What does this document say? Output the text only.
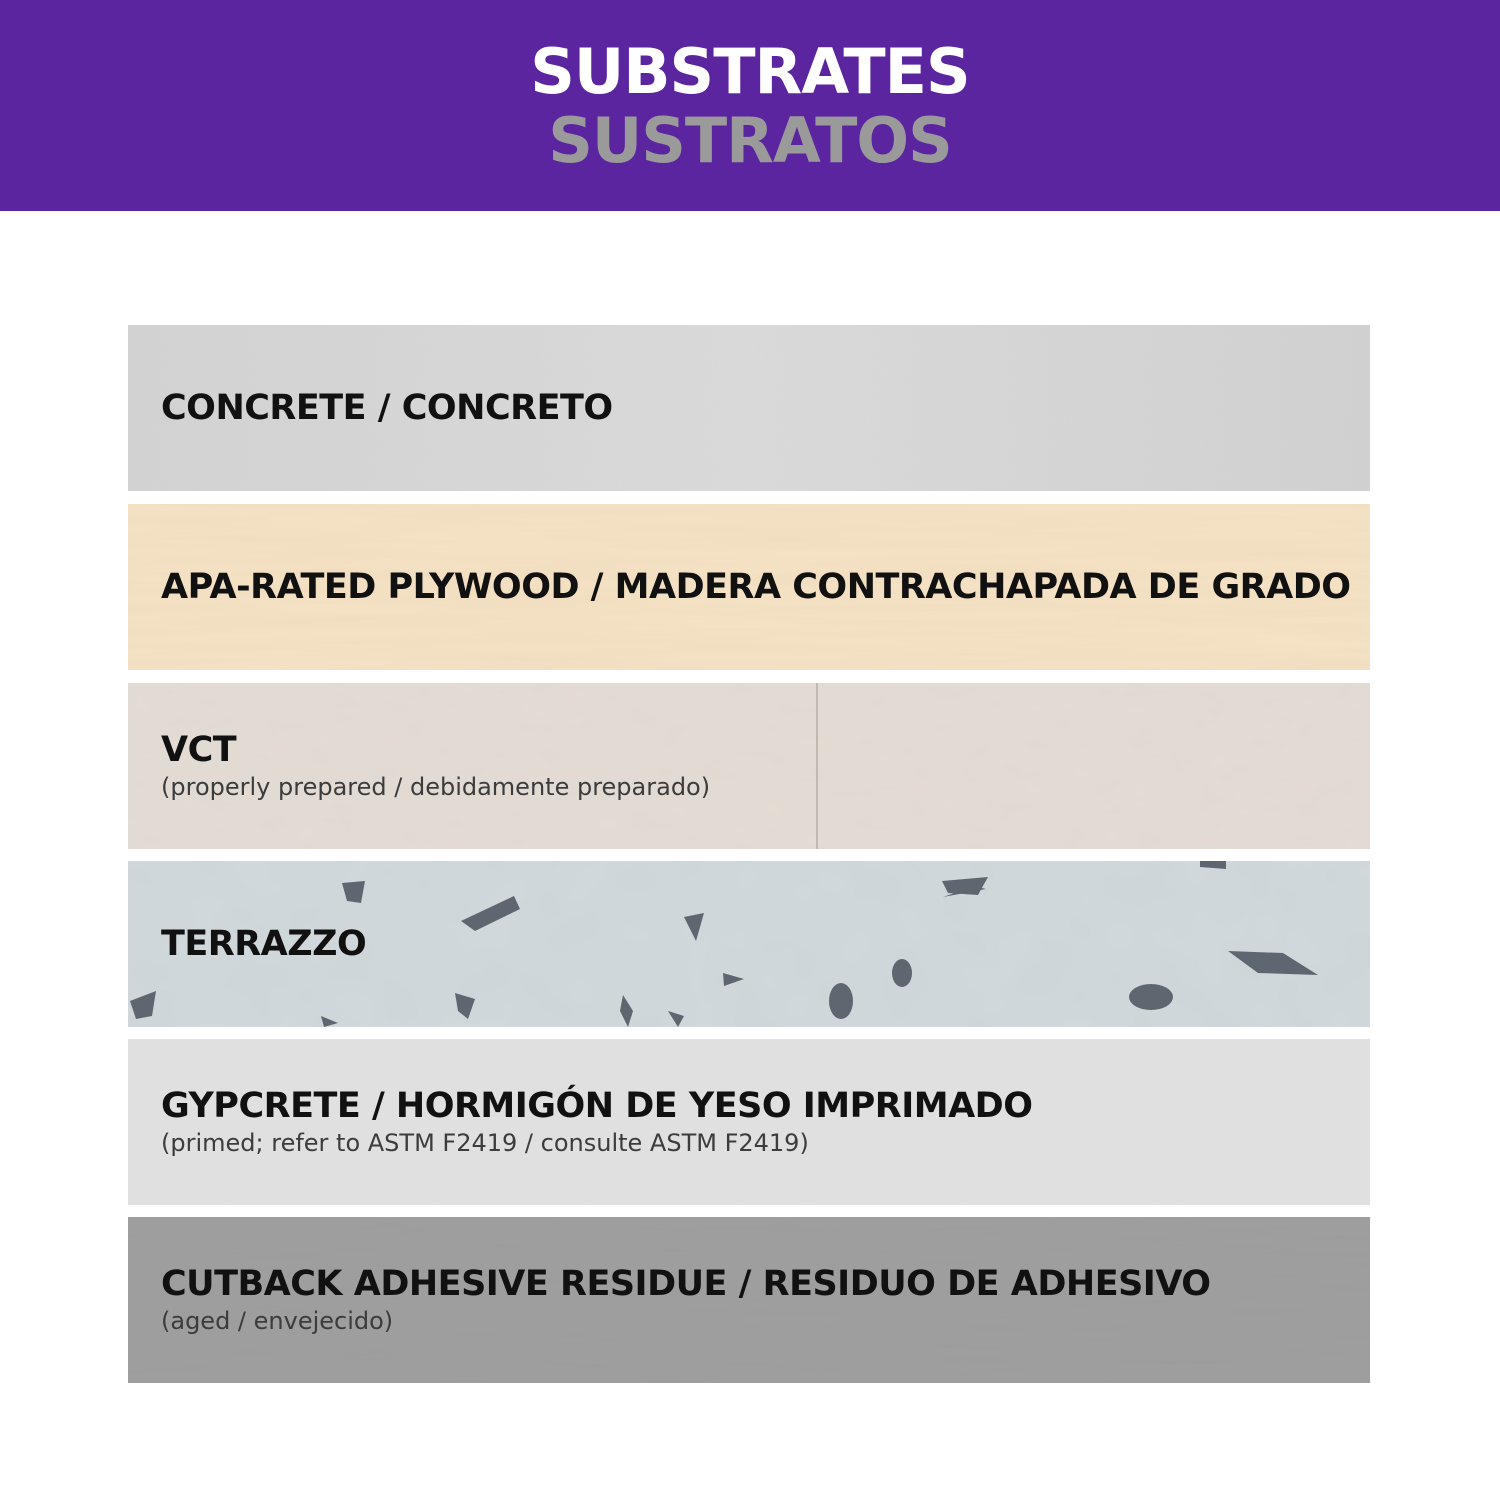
SUBSTRATES
SUSTRATOS
CONCRETE / CONCRETO
APA-RATED PLYWOOD / MADERA CONTRACHAPADA DE GRADO
VCT
(properly prepared / debidamente preparado)
TERRAZZO
GYPCRETE / HORMIGÓN DE YESO IMPRIMADO
(primed; refer to ASTM F2419 / consulte ASTM F2419)
CUTBACK ADHESIVE RESIDUE / RESIDUO DE ADHESIVO
(aged / envejecido)
